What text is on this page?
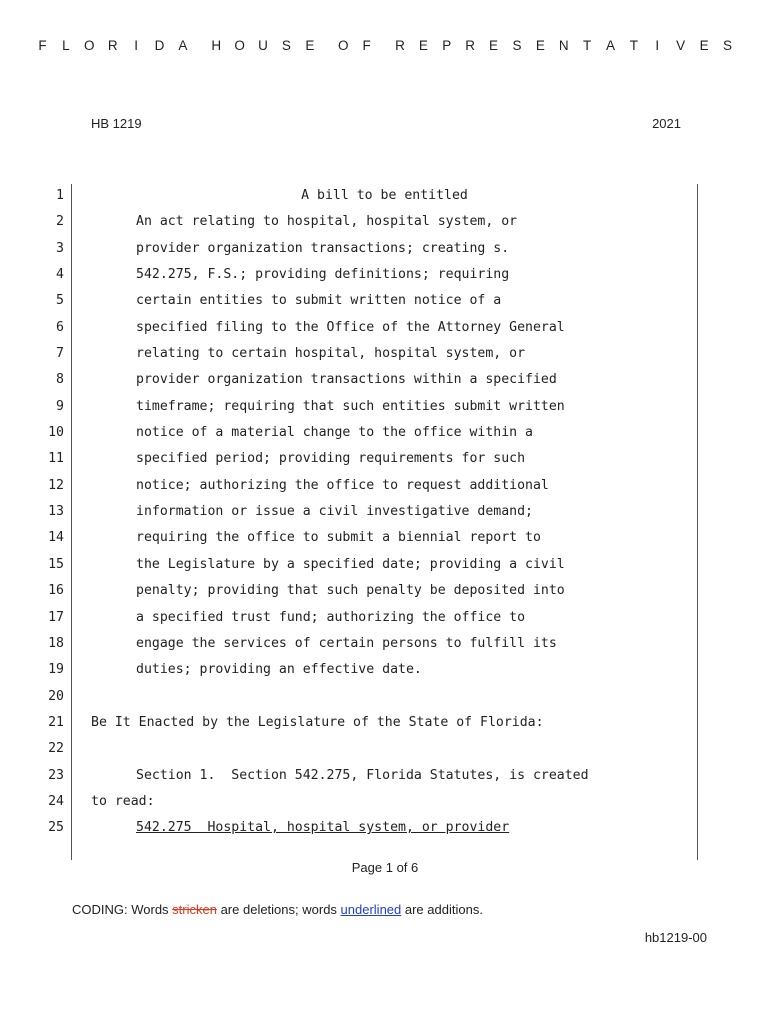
F L O R I D A H O U S E O F R E P R E S E N T A T I V E S
HB 1219	2021
1	A bill to be entitled
2	An act relating to hospital, hospital system, or
3	provider organization transactions; creating s.
4	542.275, F.S.; providing definitions; requiring
5	certain entities to submit written notice of a
6	specified filing to the Office of the Attorney General
7	relating to certain hospital, hospital system, or
8	provider organization transactions within a specified
9	timeframe; requiring that such entities submit written
10	notice of a material change to the office within a
11	specified period; providing requirements for such
12	notice; authorizing the office to request additional
13	information or issue a civil investigative demand;
14	requiring the office to submit a biennial report to
15	the Legislature by a specified date; providing a civil
16	penalty; providing that such penalty be deposited into
17	a specified trust fund; authorizing the office to
18	engage the services of certain persons to fulfill its
19	duties; providing an effective date.
20
21 Be It Enacted by the Legislature of the State of Florida:
22
23	Section 1.  Section 542.275, Florida Statutes, is created
24 to read:
25	542.275  Hospital, hospital system, or provider
Page 1 of 6
CODING: Words stricken are deletions; words underlined are additions.
hb1219-00
